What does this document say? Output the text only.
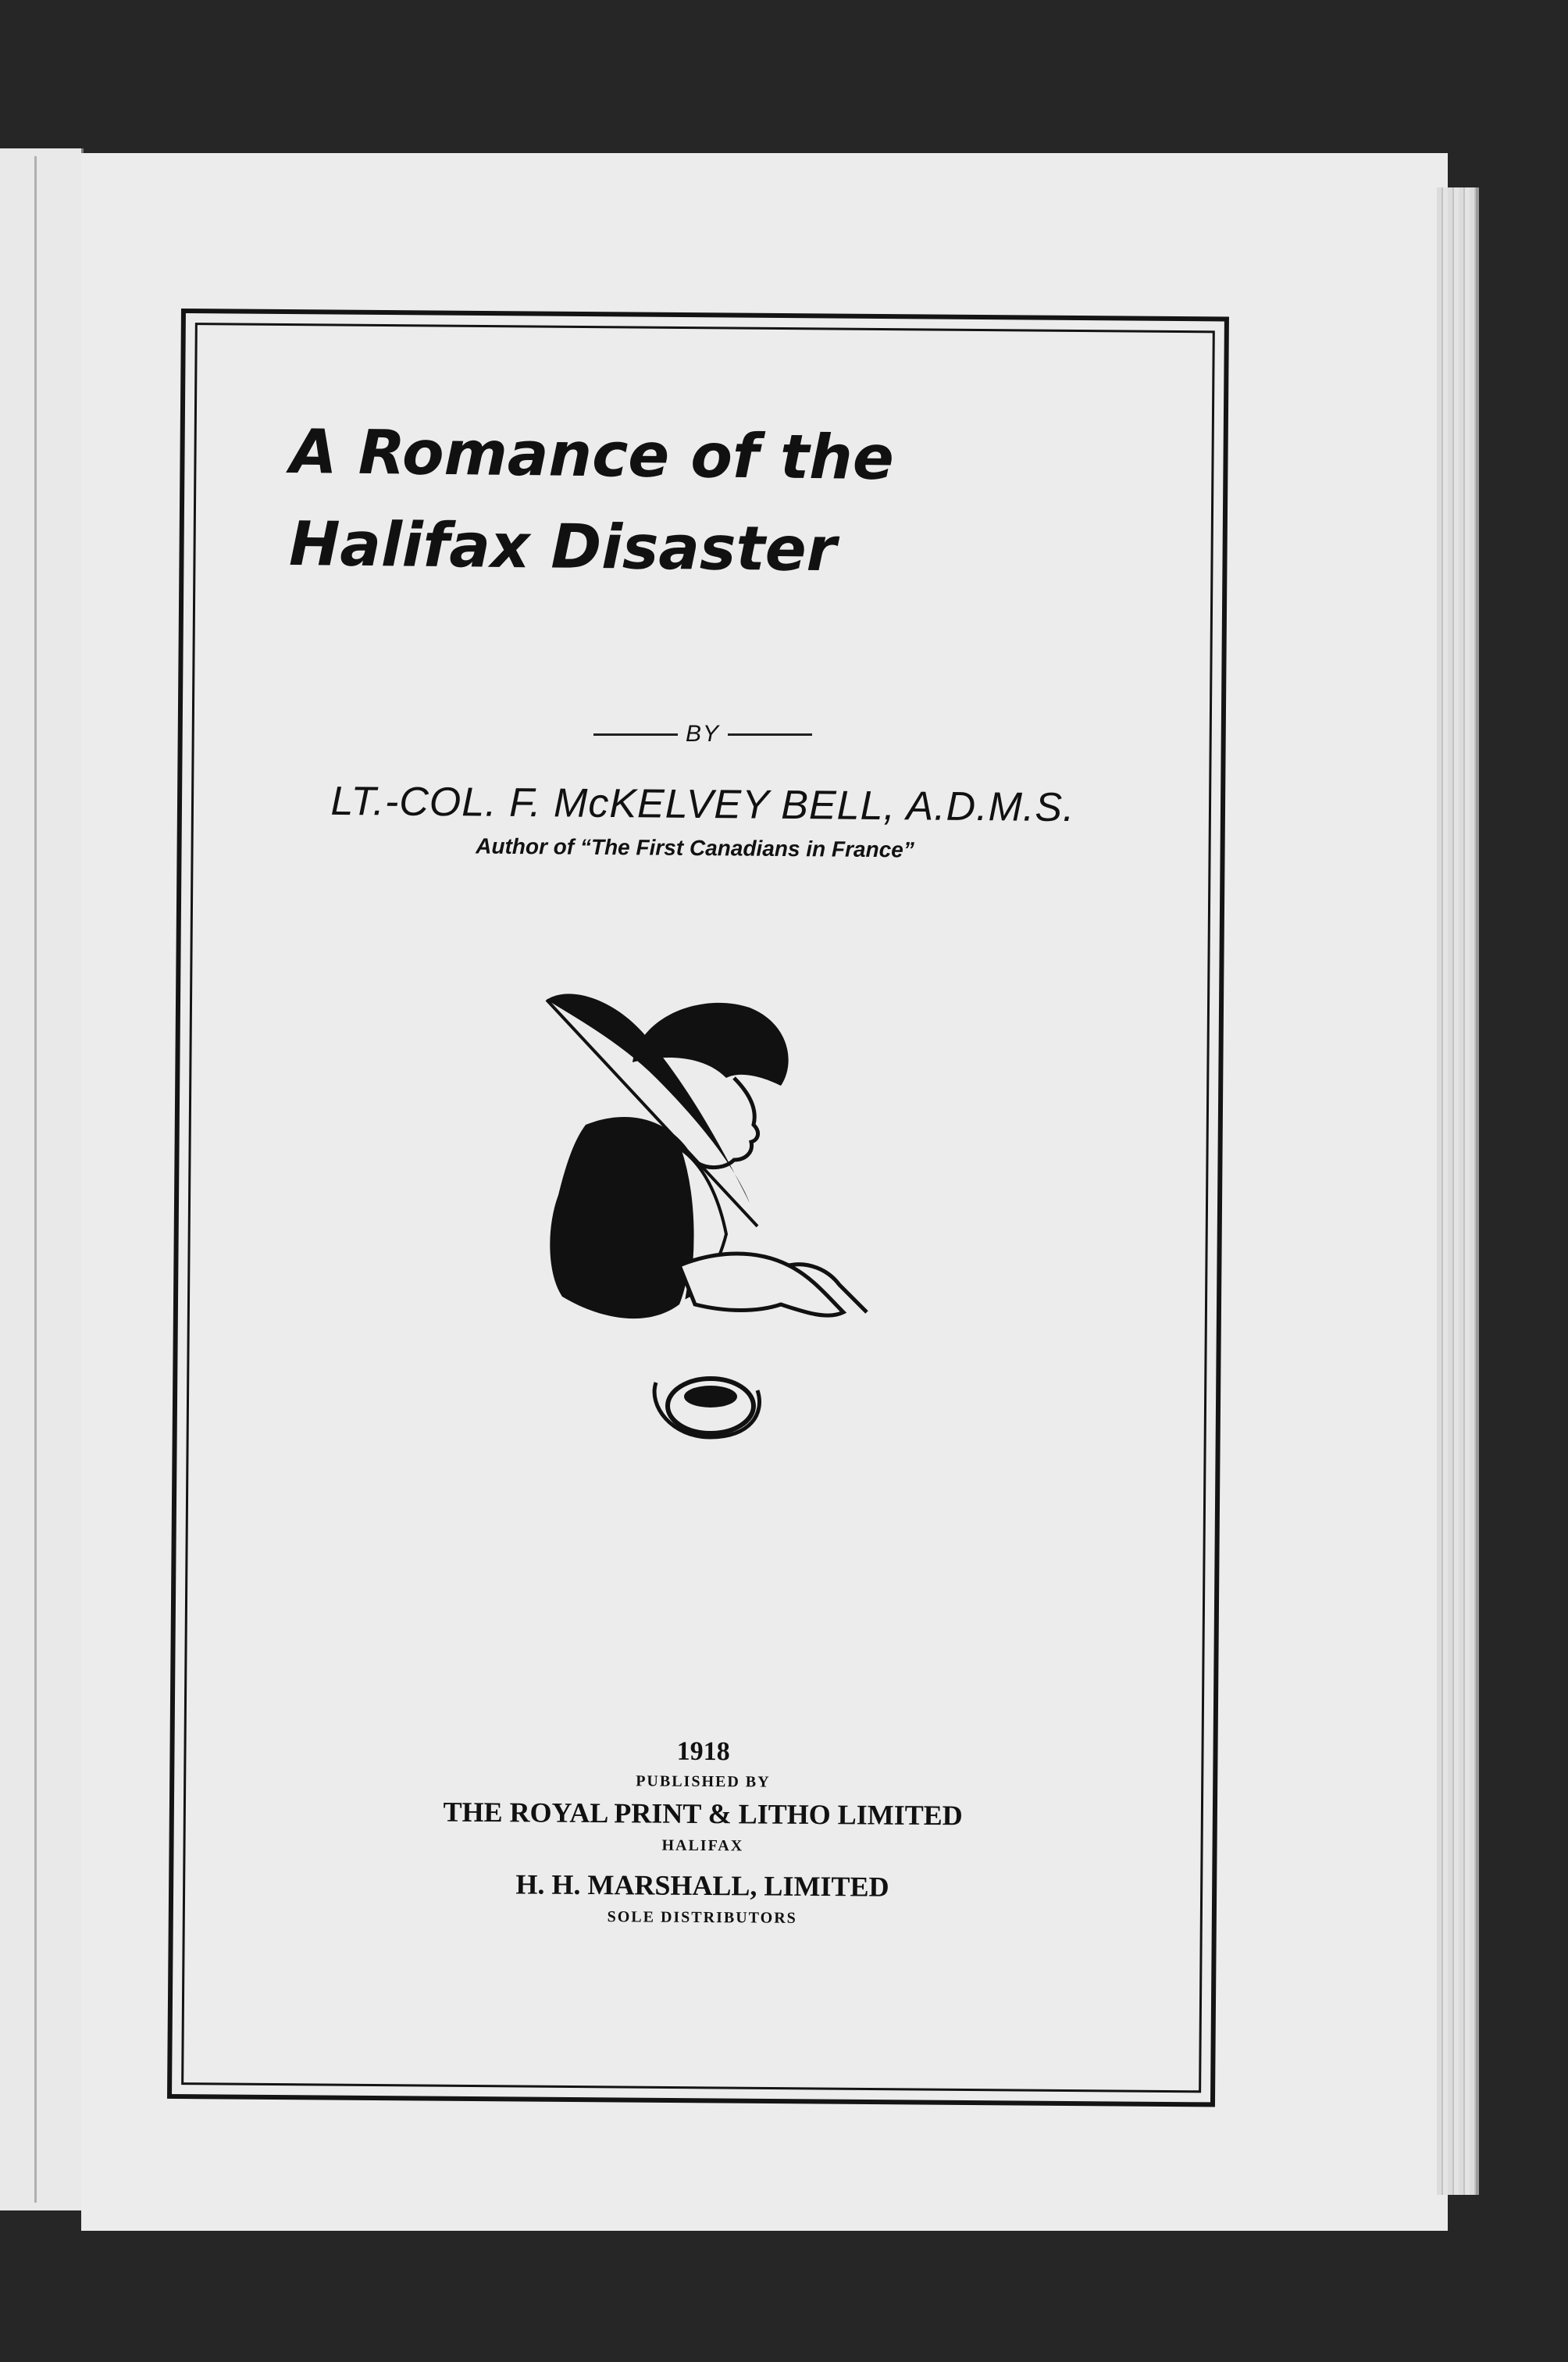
A Romance of the
Halifax Disaster
BY
LT.-COL. F. McKELVEY BELL, A.D.M.S.
Author of “The First Canadians in France”
1918
PUBLISHED BY
THE ROYAL PRINT & LITHO LIMITED
HALIFAX
H. H. MARSHALL, LIMITED
SOLE DISTRIBUTORS
